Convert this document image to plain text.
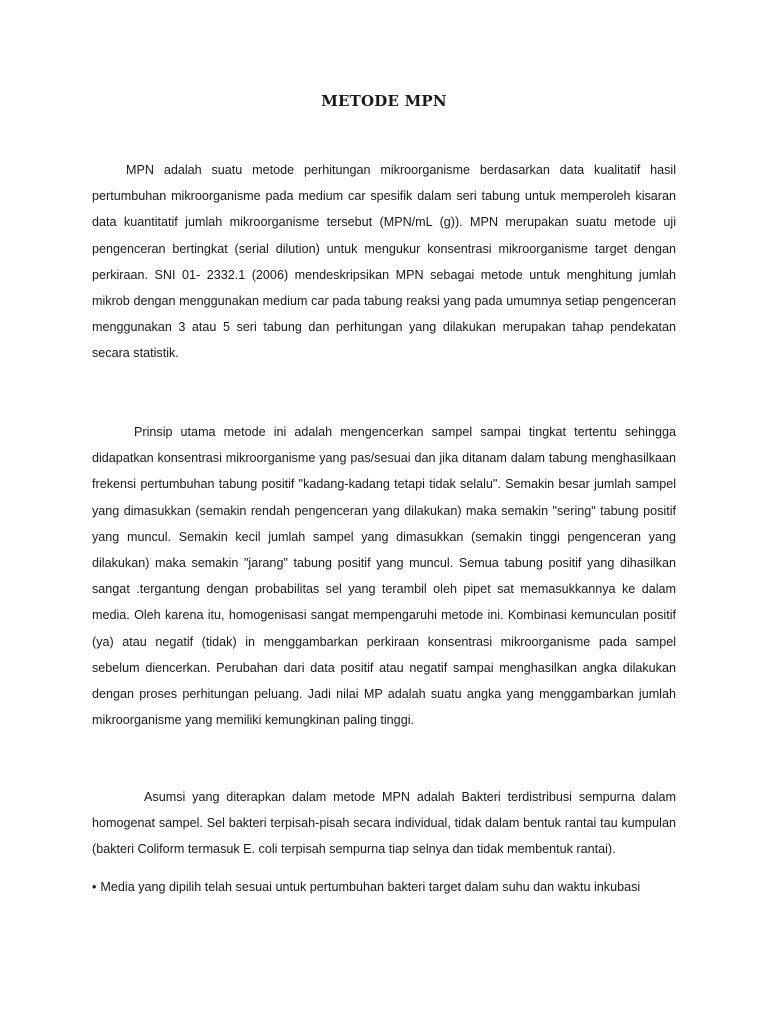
METODE MPN

MPN adalah suatu metode perhitungan mikroorganisme berdasarkan data kualitatif hasil pertumbuhan mikroorganisme pada medium car spesifik dalam seri tabung untuk memperoleh kisaran data kuantitatif jumlah mikroorganisme tersebut (MPN/mL (g)). MPN merupakan suatu metode uji pengenceran bertingkat (serial dilution) untuk mengukur konsentrasi mikroorganisme target dengan perkiraan. SNI 01- 2332.1 (2006) mendeskripsikan MPN sebagai metode untuk menghitung jumlah mikrob dengan menggunakan medium car pada tabung reaksi yang pada umumnya setiap pengenceran menggunakan 3 atau 5 seri tabung dan perhitungan yang dilakukan merupakan tahap pendekatan secara statistik.

Prinsip utama metode ini adalah mengencerkan sampel sampai tingkat tertentu sehingga didapatkan konsentrasi mikroorganisme yang pas/sesuai dan jika ditanam dalam tabung menghasilkaan frekensi pertumbuhan tabung positif "kadang-kadang tetapi tidak selalu". Semakin besar jumlah sampel yang dimasukkan (semakin rendah pengenceran yang dilakukan) maka semakin "sering" tabung positif yang muncul. Semakin kecil jumlah sampel yang dimasukkan (semakin tinggi pengenceran yang dilakukan) maka semakin "jarang" tabung positif yang muncul. Semua tabung positif yang dihasilkan sangat .tergantung dengan probabilitas sel yang terambil oleh pipet sat memasukkannya ke dalam media. Oleh karena itu, homogenisasi sangat mempengaruhi metode ini. Kombinasi kemunculan positif (ya) atau negatif (tidak) in menggambarkan perkiraan konsentrasi mikroorganisme pada sampel sebelum diencerkan. Perubahan dari data positif atau negatif sampai menghasilkan angka dilakukan dengan proses perhitungan peluang. Jadi nilai MP adalah suatu angka yang menggambarkan jumlah mikroorganisme yang memiliki kemungkinan paling tinggi.

Asumsi yang diterapkan dalam metode MPN adalah Bakteri terdistribusi sempurna dalam homogenat sampel. Sel bakteri terpisah-pisah secara individual, tidak dalam bentuk rantai tau kumpulan (bakteri Coliform termasuk E. coli terpisah sempurna tiap selnya dan tidak membentuk rantai).

• Media yang dipilih telah sesuai untuk pertumbuhan bakteri target dalam suhu dan waktu inkubasi
